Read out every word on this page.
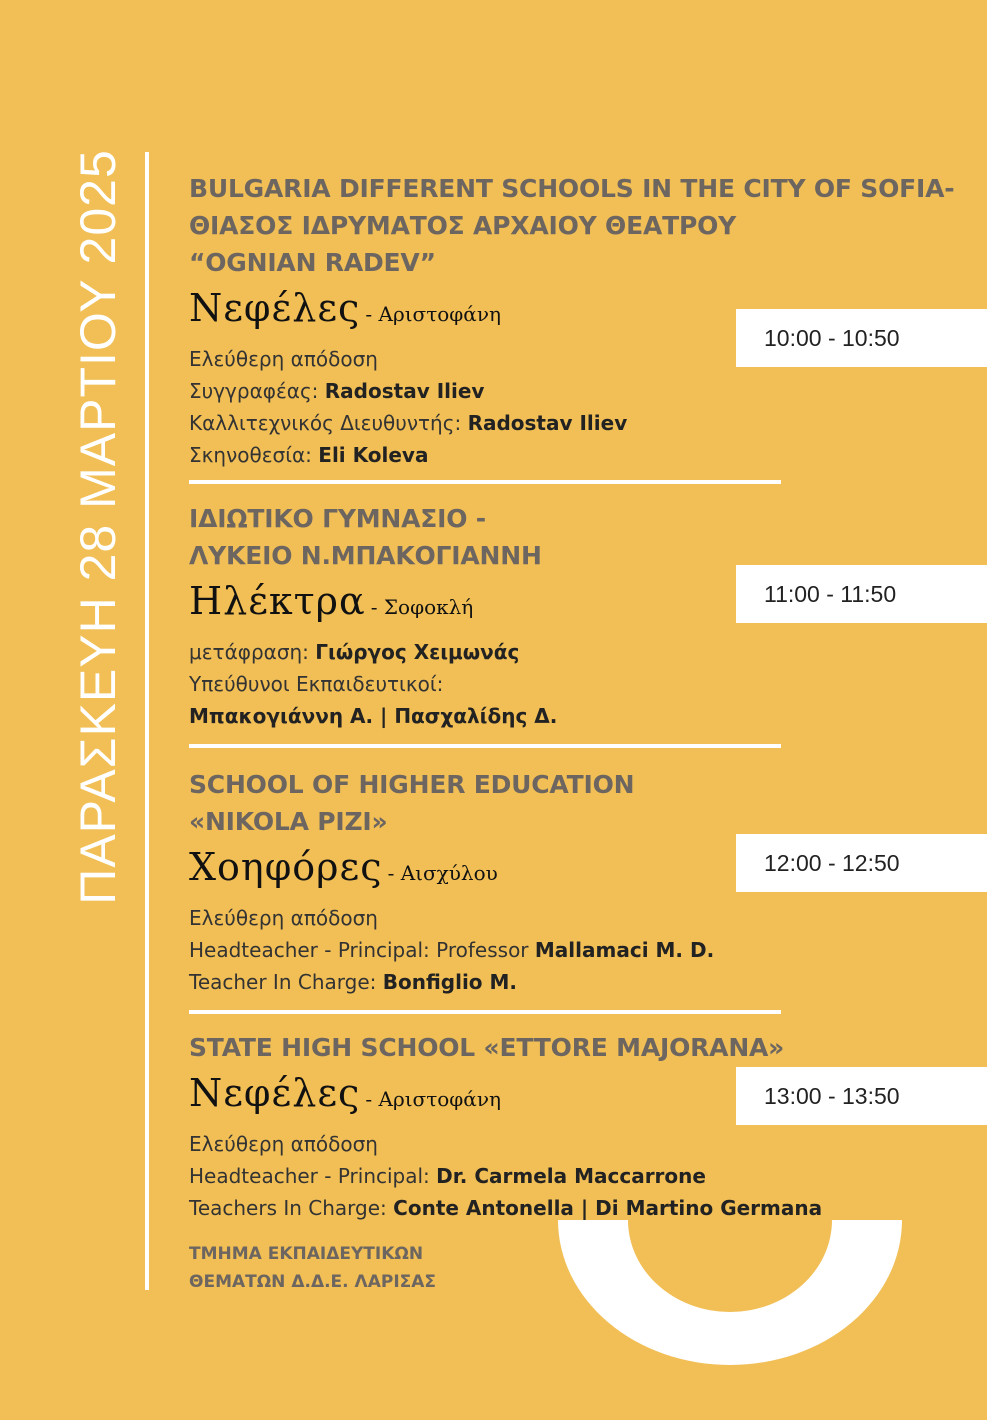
ΠΑΡΑΣΚΕΥΗ 28 ΜΑΡΤΙΟΥ 2025	BULGARIA DIFFERENT SCHOOLS IN THE CITY OF SOFIA-

ΘΙΑΣΟΣ ΙΔΡΥΜΑΤΟΣ ΑΡΧΑΙΟΥ ΘΕΑΤΡΟΥ

“OGNIAN RADEV”

Νεφέλες - Αριστοφάνη

Ελεύθερη απόδοση

Συγγραφέας: Radostav Iliev

Καλλιτεχνικός Διευθυντής: Radostav Iliev

Σκηνοθεσία: Eli Koleva

10:00 - 10:50

ΙΔΙΩΤΙΚΟ ΓΥΜΝΑΣΙΟ -

ΛΥΚΕΙΟ Ν.ΜΠΑΚΟΓΙΑΝΝΗ

Ηλέκτρα - Σοφοκλή

μετάφραση: Γιώργος Χειμωνάς

Υπεύθυνοι Εκπαιδευτικοί:

Μπακογιάννη Α. | Πασχαλίδης Δ.

11:00 - 11:50

SCHOOL OF HIGHER EDUCATION

«NIKOLA PIZI»

Χοηφόρες - Αισχύλου

Ελεύθερη απόδοση

Headteacher - Principal: Professor Mallamaci M. D.

Teacher In Charge: Bonfiglio M.

12:00 - 12:50

STATE HIGH SCHOOL «ETTORE MAJORANA»

Νεφέλες - Αριστοφάνη

Ελεύθερη απόδοση

Headteacher - Principal: Dr. Carmela Maccarrone

Teachers In Charge: Conte Antonella | Di Martino Germana

13:00 - 13:50
ΤΜΗΜΑ ΕΚΠΑΙΔΕΥΤΙΚΩΝ
ΘΕΜΑΤΩΝ Δ.Δ.Ε. ΛΑΡΙΣΑΣ
